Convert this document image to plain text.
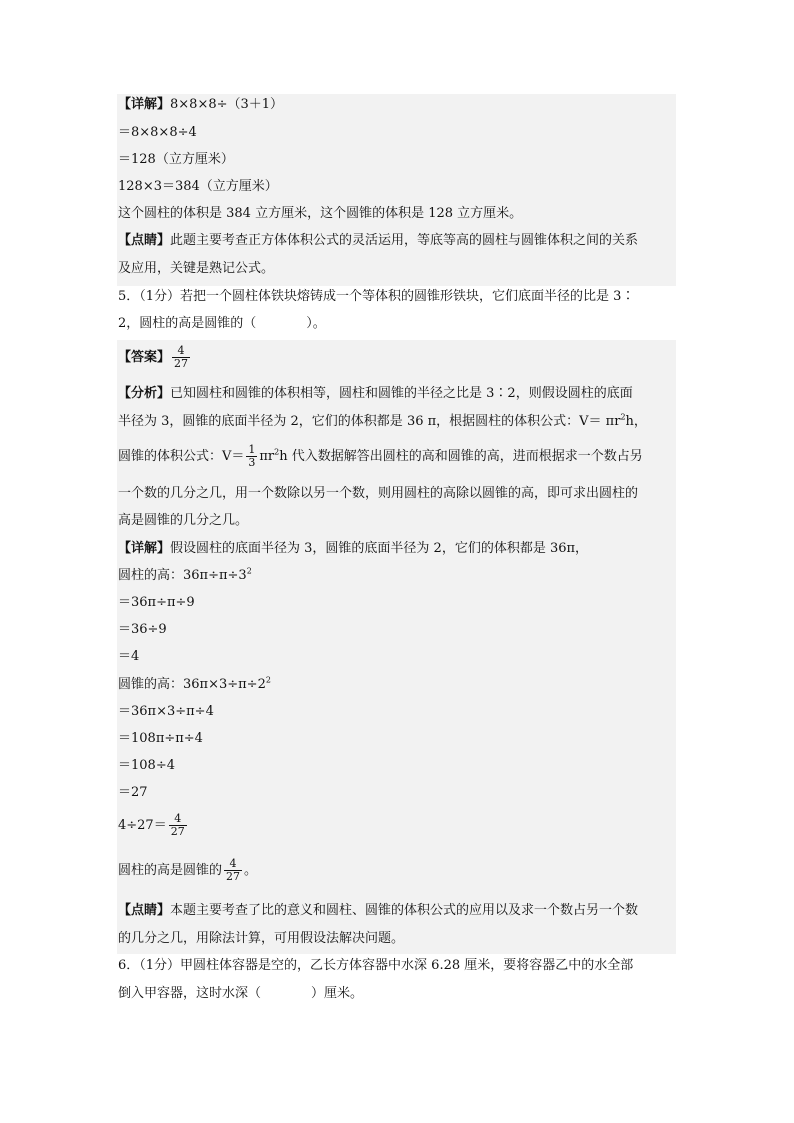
【详解】8×8×8÷（3＋1）
＝8×8×8÷4
＝128（立方厘米）
128×3＝384（立方厘米）
这个圆柱的体积是 384 立方厘米，这个圆锥的体积是 128 立方厘米。
【点睛】此题主要考查正方体体积公式的灵活运用，等底等高的圆柱与圆锥体积之间的关系
及应用，关键是熟记公式。
5．（1分）若把一个圆柱体铁块熔铸成一个等体积的圆锥形铁块，它们底面半径的比是 3∶
2，圆柱的高是圆锥的（	）。
【答案】 $\frac{4}{27}$
【分析】已知圆柱和圆锥的体积相等，圆柱和圆锥的半径之比是 3∶2，则假设圆柱的底面
半径为 3，圆锥的底面半径为 2，它们的体积都是 36 π，根据圆柱的体积公式：$V= \pi r^2h$，
圆锥的体积公式：$V= \frac{1}{3} \pi r^2h$ 代入数据解答出圆柱的高和圆锥的高，进而根据求一个数占另
一个数的几分之几，用一个数除以另一个数，则用圆柱的高除以圆锥的高，即可求出圆柱的
高是圆锥的几分之几。
【详解】假设圆柱的底面半径为 3，圆锥的底面半径为 2，它们的体积都是 36π，
圆柱的高：$36\pi\div\pi\div 3^2$
＝36π÷π÷9
＝36÷9
＝4
圆锥的高：$36\pi\times 3\div\pi\div 2^2$
＝36π×3÷π÷4
＝108π÷π÷4
＝108÷4
＝27
$4\div 27= \frac{4}{27}$
圆柱的高是圆锥的 $\frac{4}{27}$ 。
【点睛】本题主要考查了比的意义和圆柱、圆锥的体积公式的应用以及求一个数占另一个数
的几分之几，用除法计算，可用假设法解决问题。
6．（1分）甲圆柱体容器是空的，乙长方体容器中水深 6.28 厘米，要将容器乙中的水全部
倒入甲容器，这时水深（	）厘米。
